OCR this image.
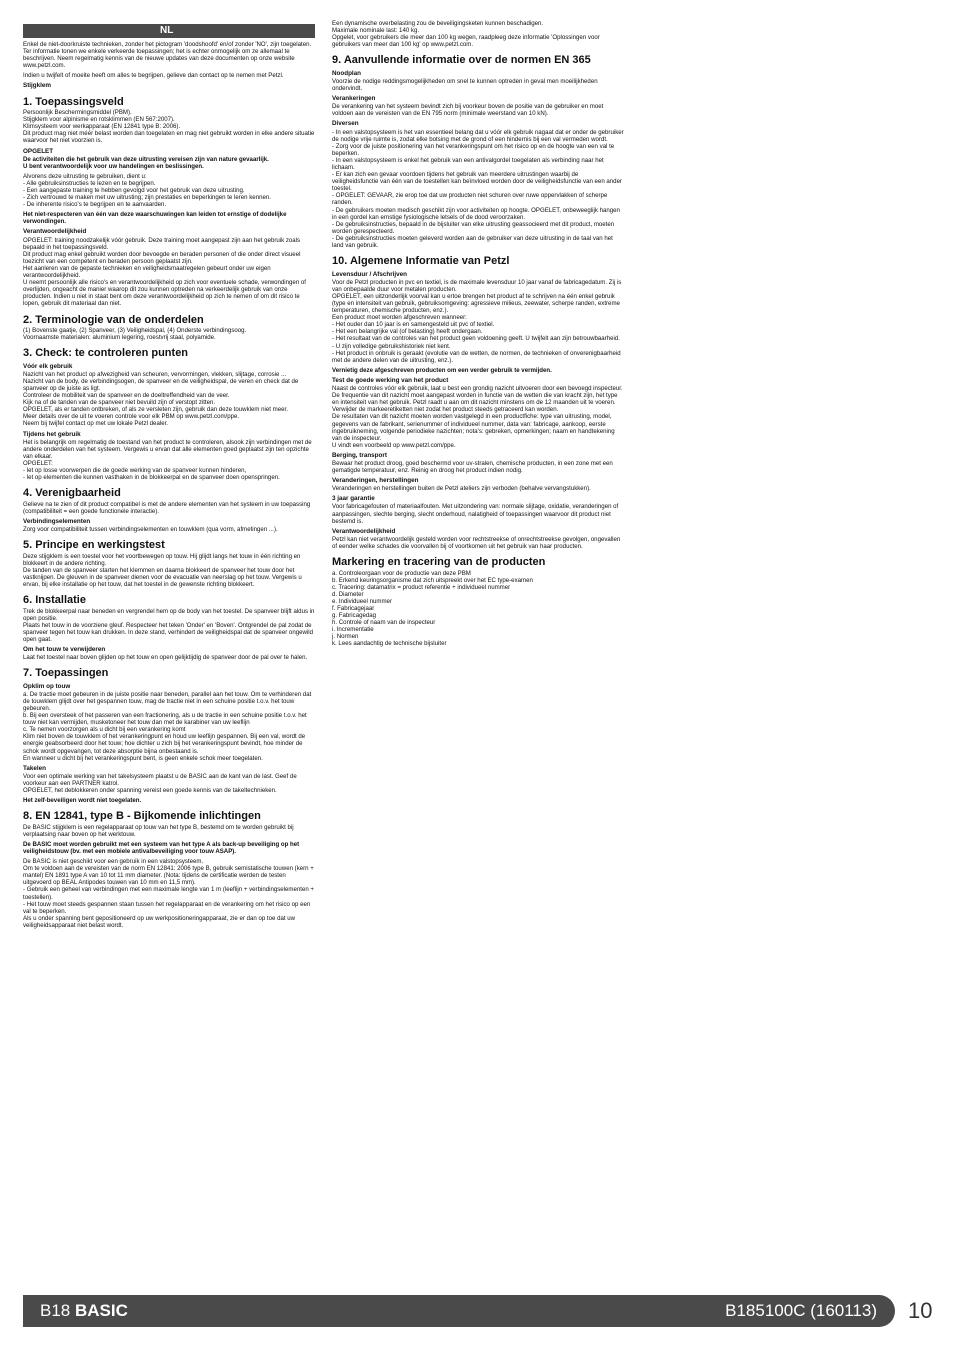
NL

Enkel de niet-doorkruiste technieken, zonder het pictogram 'doodshoofd' en/of zonder 'NO', zijn toegelaten. Ter informatie tonen we enkele verkeerde toepassingen; het is echter onmogelijk om ze allemaal te beschrijven. Neem regelmatig kennis van de nieuwe updates van deze documenten op onze website www.petzl.com.

Indien u twijfelt of moeite heeft om alles te begrijpen, gelieve dan contact op te nemen met Petzl.

Stijgklem
1. Toepassingsveld

Persoonlijk Beschermingsmiddel (PBM).
Stijgklem voor alpinisme en rotsklimmen (EN 567:2007).
Klimsysteem voor werkapparaat (EN 12841 type B: 2006).
Dit product mag niet méér belast worden dan toegelaten en mag niet gebruikt worden in elke andere situatie waarvoor het niet voorzien is.

OPGELET

De activiteiten die het gebruik van deze uitrusting vereisen zijn van nature gevaarlijk.
U bent verantwoordelijk voor uw handelingen en beslissingen.

Alvorens deze uitrusting te gebruiken, dient u:
- Alle gebruiksinstructies te lezen en te begrijpen.
- Een aangepaste training te hebben gevolgd voor het gebruik van deze uitrusting.
- Zich vertrouwd te maken met uw uitrusting; zijn prestaties en beperkingen te leren kennen.
- De inherente risico's te begrijpen en te aanvaarden.

Het niet-respecteren van één van deze waarschuwingen kan leiden tot ernstige of dodelijke verwondingen.

Verantwoordelijkheid

OPGELET: training noodzakelijk vóór gebruik. Deze training moet aangepast zijn aan het gebruik zoals bepaald in het toepassingsveld.
Dit product mag enkel gebruikt worden door bevoegde en beraden personen of die onder direct visueel toezicht van een competent en beraden persoon geplaatst zijn.
Het aanleren van de gepaste technieken en veiligheidsmaatregelen gebeurt onder uw eigen verantwoordelijkheid.
U neemt persoonlijk alle risico's en verantwoordelijkheid op zich voor eventuele schade, verwondingen of overlijden, ongeacht de manier waarop dit zou kunnen optreden na verkeerdelijk gebruik van onze producten. Indien u niet in staat bent om deze verantwoordelijkheid op zich te nemen of om dit risico te lopen, gebruik dit materiaal dan niet.

2. Terminologie van de onderdelen

(1) Bovenste gaatje, (2) Spanveer, (3) Veiligheidspal, (4) Onderste verbindingsoog.
Voornaamste materialen: aluminium legering, roestvrij staal, polyamide.

3. Check: te controleren punten
Vóór elk gebruik

Nazicht van het product op afwezigheid van scheuren, vervormingen, vlekken, slijtage, corrosie ...
Nazicht van de body, de verbindingsogen, de spanveer en de veiligheidspal, de veren en check dat de spanveer op de juiste as ligt.
Controleer de mobiliteit van de spanveer en de doeltreffendheid van de veer.
Kijk na of de tanden van de spanveer niet bevuild zijn of verstopt zitten.
OPGELET, als er tanden ontbreken, of als ze versleten zijn, gebruik dan deze touwklem niet meer.
Meer details over de uit te voeren controle voor elk PBM op www.petzl.com/ppe.
Neem bij twijfel contact op met uw lokale Petzl dealer.

Tijdens het gebruik

Het is belangrijk om regelmatig de toestand van het product te controleren, alsook zijn verbindingen met de andere onderdelen van het systeem. Vergewis u ervan dat alle elementen goed geplaatst zijn ten opzichte van elkaar.
OPGELET:
- let op losse voorwerpen die de goede werking van de spanveer kunnen hinderen,
- let op elementen die kunnen vasthaken in de blokkeerpal en de spanveer doen openspringen.

4. Verenigbaarheid

Gelieve na te zien of dit product compatibel is met de andere elementen van het systeem in uw toepassing (compatibiliteit = een goede functionele interactie).

Verbindingselementen

Zorg voor compatibiliteit tussen verbindingselementen en touwklem (qua vorm, afmetingen ...).

5. Principe en werkingstest

Deze stijgklem is een toestel voor het voortbewegen op touw. Hij glijdt langs het touw in één richting en blokkeert in de andere richting.
De tanden van de spanveer starten het klemmen en daarna blokkeert de spanveer het touw door het vastknijpen. De gleuven in de spanveer dienen voor de evacuatie van neerslag op het touw. Vergewis u ervan, bij elke installatie op het touw, dat het toestel in de gewenste richting blokkeert.

6. Installatie

Trek de blokkeerpal naar beneden en vergrendel hem op de body van het toestel. De spanveer blijft aldus in open positie.
Plaats het touw in de voorziene gleuf. Respecteer het teken 'Onder' en 'Boven'. Ontgrendel de pal zodat de spanveer tegen het touw kan drukken. In deze stand, verhindert de veiligheidspal dat de spanveer ongewild open gaat.

Om het touw te verwijderen

Laat het toestel naar boven glijden op het touw en open gelijktijdig de spanveer door de pal over te halen.

7. Toepassingen
Opklim op touw

a. De tractie moet gebeuren in de juiste positie naar beneden, parallel aan het touw. Om te verhinderen dat de touwklem glijdt over het gespannen touw, mag de tractie niet in een schuine positie t.o.v. het touw gebeuren.
b. Bij een oversteek of het passeren van een fractionering, als u de tractie in een schuine positie t.o.v. het touw niet kan vermijden, musketoneer het touw dan met de karabiner van uw leeflijn
c. Te nemen voorzorgen als u dicht bij een verankering komt
Klim niet boven de touwklem of het verankeringpunt en houd uw leeflijn gespannen. Bij een val, wordt de energie geabsorbeerd door het touw; hoe dichter u zich bij het verankeringspunt bevindt, hoe minder de schok wordt opgevangen, tot deze absorptie bijna onbestaand is.
En wanneer u dicht bij het verankeringspunt bent, is geen enkele schok meer toegelaten.

Takelen

Voor een optimale werking van het takelsysteem plaatst u de BASIC aan de kant van de last. Geef de voorkeur aan een PARTNER katrol.
OPGELET, het deblokkeren onder spanning vereist een goede kennis van de takeltechnieken.

Het zelf-beveiligen wordt niet toegelaten.

8. EN 12841, type B - Bijkomende inlichtingen

De BASIC stijgklem is een regelapparaat op touw van het type B, bestemd om te worden gebruikt bij verplaatsing naar boven op het werktouw.

De BASIC moet worden gebruikt met een systeem van het type A als back-up beveiliging op het veiligheidstouw (bv. met een mobiele antivalbeveiliging voor touw ASAP).

De BASIC is niet geschikt voor een gebruik in een valstopsysteem.
Om te voldoen aan de vereisten van de norm EN 12841: 2006 type B, gebruik semistatische touwen (kern + mantel) EN 1891 type A van 10 tot 11 mm diameter. (Nota: tijdens de certificatie werden de testen uitgevoerd op BEAL Antipodes touwen van 10 mm en 11,5 mm).
- Gebruik een geheel van verbindingen met een maximale lengte van 1 m (leeflijn + verbindingselementen + toestellen).
- Het touw moet steeds gespannen staan tussen het regelapparaat en de verankering om het risico op een val te beperken.
Als u onder spanning bent gepositioneerd op uw werkpositioneringapparaat, zie er dan op toe dat uw veiligheidsapparaat niet belast wordt.

Een dynamische overbelasting zou de beveiligingsketen kunnen beschadigen.
Maximale nominale last: 140 kg.
Opgelet, voor gebruikers die meer dan 100 kg wegen, raadpleeg deze informatie 'Oplossingen voor gebruikers van meer dan 100 kg' op www.petzl.com.

9. Aanvullende informatie over de normen EN 365
Noodplan

Voorzie de nodige reddingsmogelijkheden om snel te kunnen optreden in geval men moeilijkheden ondervindt.

Verankeringen

De verankering van het systeem bevindt zich bij voorkeur boven de positie van de gebruiker en moet voldoen aan de vereisten van de EN 795 norm (minimale weerstand van 10 kN).

Diversen

- In een valstopsysteem is het van essentieel belang dat u vóór elk gebruik nagaat dat er onder de gebruiker de nodige vrije ruimte is, zodat elke botsing met de grond of een hindernis bij een val vermeden wordt.
- Zorg voor de juiste positionering van het verankeringspunt om het risico op en de hoogte van een val te beperken.
- In een valstopsysteem is enkel het gebruik van een antivalgordel toegelaten als verbinding naar het lichaam.
- Er kan zich een gevaar voordoen tijdens het gebruik van meerdere uitrustingen waarbij de veiligheidsfunctie van één van de toestellen kan beïnvloed worden door de veiligheidsfunctie van een ander toestel.
- OPGELET: GEVAAR, zie erop toe dat uw producten niet schuren over ruwe oppervlakken of scherpe randen.
- De gebruikers moeten medisch geschikt zijn voor activiteiten op hoogte. OPGELET, onbeweeglijk hangen in een gordel kan ernstige fysiologische letsels of de dood veroorzaken.
- De gebruiksinstructies, bepaald in de bijsluiter van elke uitrusting geassocieerd met dit product, moeten worden gerespecteerd.
- De gebruiksinstructies moeten geleverd worden aan de gebruiker van deze uitrusting in de taal van het land van gebruik.

10. Algemene Informatie van Petzl
Levensduur / Afschrijven

Voor de Petzl producten in pvc en textiel, is de maximale levensduur 10 jaar vanaf de fabricagedatum. Zij is van onbepaalde duur voor metalen producten.
OPGELET, een uitzonderlijk voorval kan u ertoe brengen het product af te schrijven na één enkel gebruik (type en intensiteit van gebruik, gebruiksomgeving: agressieve milieus, zeewater, scherpe randen, extreme temperaturen, chemische producten, enz.).
Een product moet worden afgeschreven wanneer:
- Het ouder dan 10 jaar is en samengesteld uit pvc of textiel.
- Het een belangrijke val (of belasting) heeft ondergaan.
- Het resultaat van de controles van het product geen voldoening geeft. U twijfelt aan zijn betrouwbaarheid.
- U zijn volledige gebruikshistoriek niet kent.
- Het product in onbruik is geraakt (evolutie van de wetten, de normen, de technieken of onverenigbaarheid met de andere delen van de uitrusting, enz.).

Vernietig deze afgeschreven producten om een verder gebruik te vermijden.

Test de goede werking van het product

Naast de controles vóór elk gebruik, laat u best een grondig nazicht uitvoeren door een bevoegd inspecteur. De frequentie van dit nazicht moet aangepast worden in functie van de wetten die van kracht zijn, het type en intensiteit van het gebruik. Petzl raadt u aan om dit nazicht minstens om de 12 maanden uit te voeren.
Verwijder de markeeretiketten niet zodat het product steeds getraceerd kan worden.
De resultaten van dit nazicht moeten worden vastgelegd in een productfiche: type van uitrusting, model, gegevens van de fabrikant, serienummer of individueel nummer, data van: fabricage, aankoop, eerste ingebruikneming, volgende periodieke nazichten; nota's: gebreken, opmerkingen; naam en handtekening van de inspecteur.
U vindt een voorbeeld op www.petzl.com/ppe.

Berging, transport

Bewaar het product droog, goed beschermd voor uv-stralen, chemische producten, in een zone met een gematigde temperatuur, enz. Reinig en droog het product indien nodig.

Veranderingen, herstellingen

Veranderingen en herstellingen buiten de Petzl ateliers zijn verboden (behalve vervangstukken).

3 jaar garantie

Voor fabricagefouten of materiaalfouten. Met uitzondering van: normale slijtage, oxidatie, veranderingen of aanpassingen, slechte berging, slecht onderhoud, nalatigheid of toepassingen waarvoor dit product niet bestemd is.

Verantwoordelijkheid

Petzl kan niet verantwoordelijk gesteld worden voor rechtstreekse of onrechtstreekse gevolgen, ongevallen of eender welke schades die voorvallen bij of voortkomen uit het gebruik van haar producten.

Markering en tracering van de producten

a. Controleorgaan voor de productie van deze PBM
b. Erkend keuringsorganisme dat zich uitspreekt over het EC type-examen
c. Tracering: datamatrix = product referentie + individueel nummer
d. Diameter
e. Individueel nummer
f. Fabricagejaar
g. Fabricagedag
h. Controle of naam van de inspecteur
i. Incrementatie
j. Normen
k. Lees aandachtig de technische bijsluiter

B18 BASIC	B185100C (160113) 10
